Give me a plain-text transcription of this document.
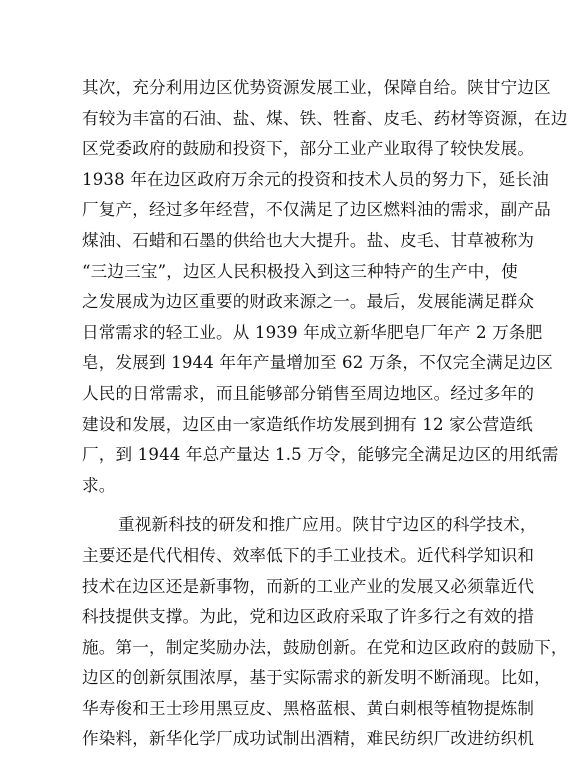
其次，充分利用边区优势资源发展工业，保障自给。陕甘宁边区
有较为丰富的石油、盐、煤、铁、牲畜、皮毛、药材等资源，在边
区党委政府的鼓励和投资下，部分工业产业取得了较快发展。
1938 年在边区政府万余元的投资和技术人员的努力下，延长油
厂复产，经过多年经营，不仅满足了边区燃料油的需求，副产品
煤油、石蜡和石墨的供给也大大提升。盐、皮毛、甘草被称为
“三边三宝”，边区人民积极投入到这三种特产的生产中，使
之发展成为边区重要的财政来源之一。最后，发展能满足群众
日常需求的轻工业。从 1939 年成立新华肥皂厂年产 2 万条肥
皂，发展到 1944 年年产量增加至 62 万条，不仅完全满足边区
人民的日常需求，而且能够部分销售至周边地区。经过多年的
建设和发展，边区由一家造纸作坊发展到拥有 12 家公营造纸
厂，到 1944 年总产量达 1.5 万令，能够完全满足边区的用纸需
求。
重视新科技的研发和推广应用。陕甘宁边区的科学技术，
主要还是代代相传、效率低下的手工业技术。近代科学知识和
技术在边区还是新事物，而新的工业产业的发展又必须靠近代
科技提供支撑。为此，党和边区政府采取了许多行之有效的措
施。第一，制定奖励办法，鼓励创新。在党和边区政府的鼓励下，
边区的创新氛围浓厚，基于实际需求的新发明不断涌现。比如，
华寿俊和王士珍用黑豆皮、黑格蓝根、黄白刺根等植物提炼制
作染料，新华化学厂成功试制出酒精，难民纺织厂改进纺织机
